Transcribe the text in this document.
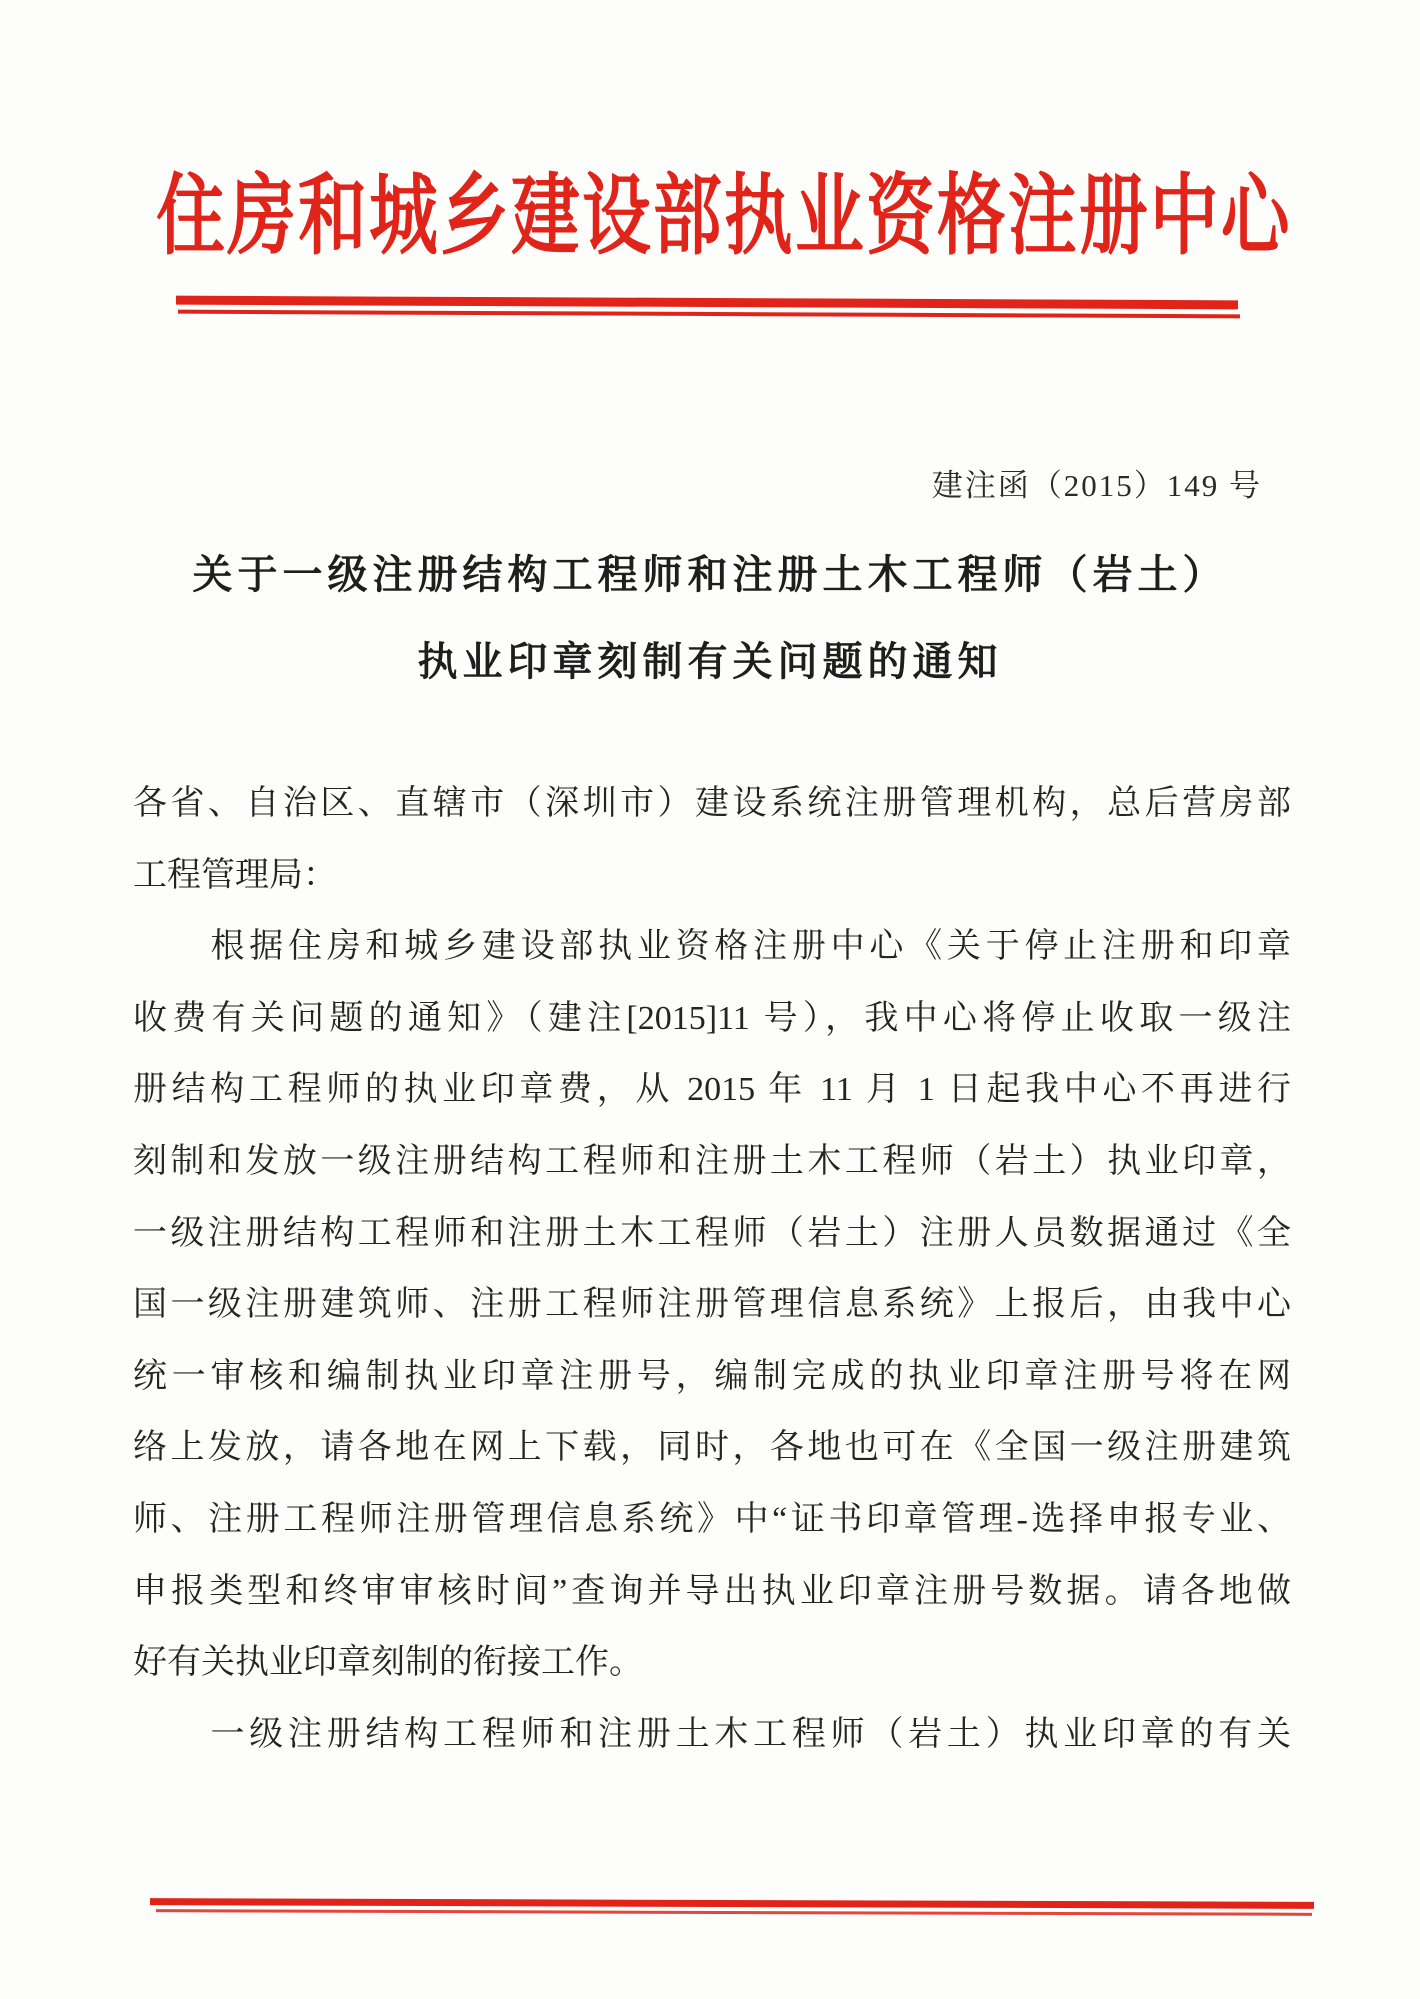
住房和城乡建设部执业资格注册中心
建注函（2015）149 号
关于一级注册结构工程师和注册土木工程师（岩土）
执业印章刻制有关问题的通知
各省、自治区、直辖市（深圳市）建设系统注册管理机构，总后营房部
工程管理局：
　　根据住房和城乡建设部执业资格注册中心《关于停止注册和印章
收费有关问题的通知》（建注[2015]11 号），我中心将停止收取一级注
册结构工程师的执业印章费，从 2015 年 11 月 1 日起我中心不再进行
刻制和发放一级注册结构工程师和注册土木工程师（岩土）执业印章，
一级注册结构工程师和注册土木工程师（岩土）注册人员数据通过《全
国一级注册建筑师、注册工程师注册管理信息系统》上报后，由我中心
统一审核和编制执业印章注册号，编制完成的执业印章注册号将在网
络上发放，请各地在网上下载，同时，各地也可在《全国一级注册建筑
师、注册工程师注册管理信息系统》中“证书印章管理-选择申报专业、
申报类型和终审审核时间”查询并导出执业印章注册号数据。请各地做
好有关执业印章刻制的衔接工作。
　　一级注册结构工程师和注册土木工程师（岩土）执业印章的有关
